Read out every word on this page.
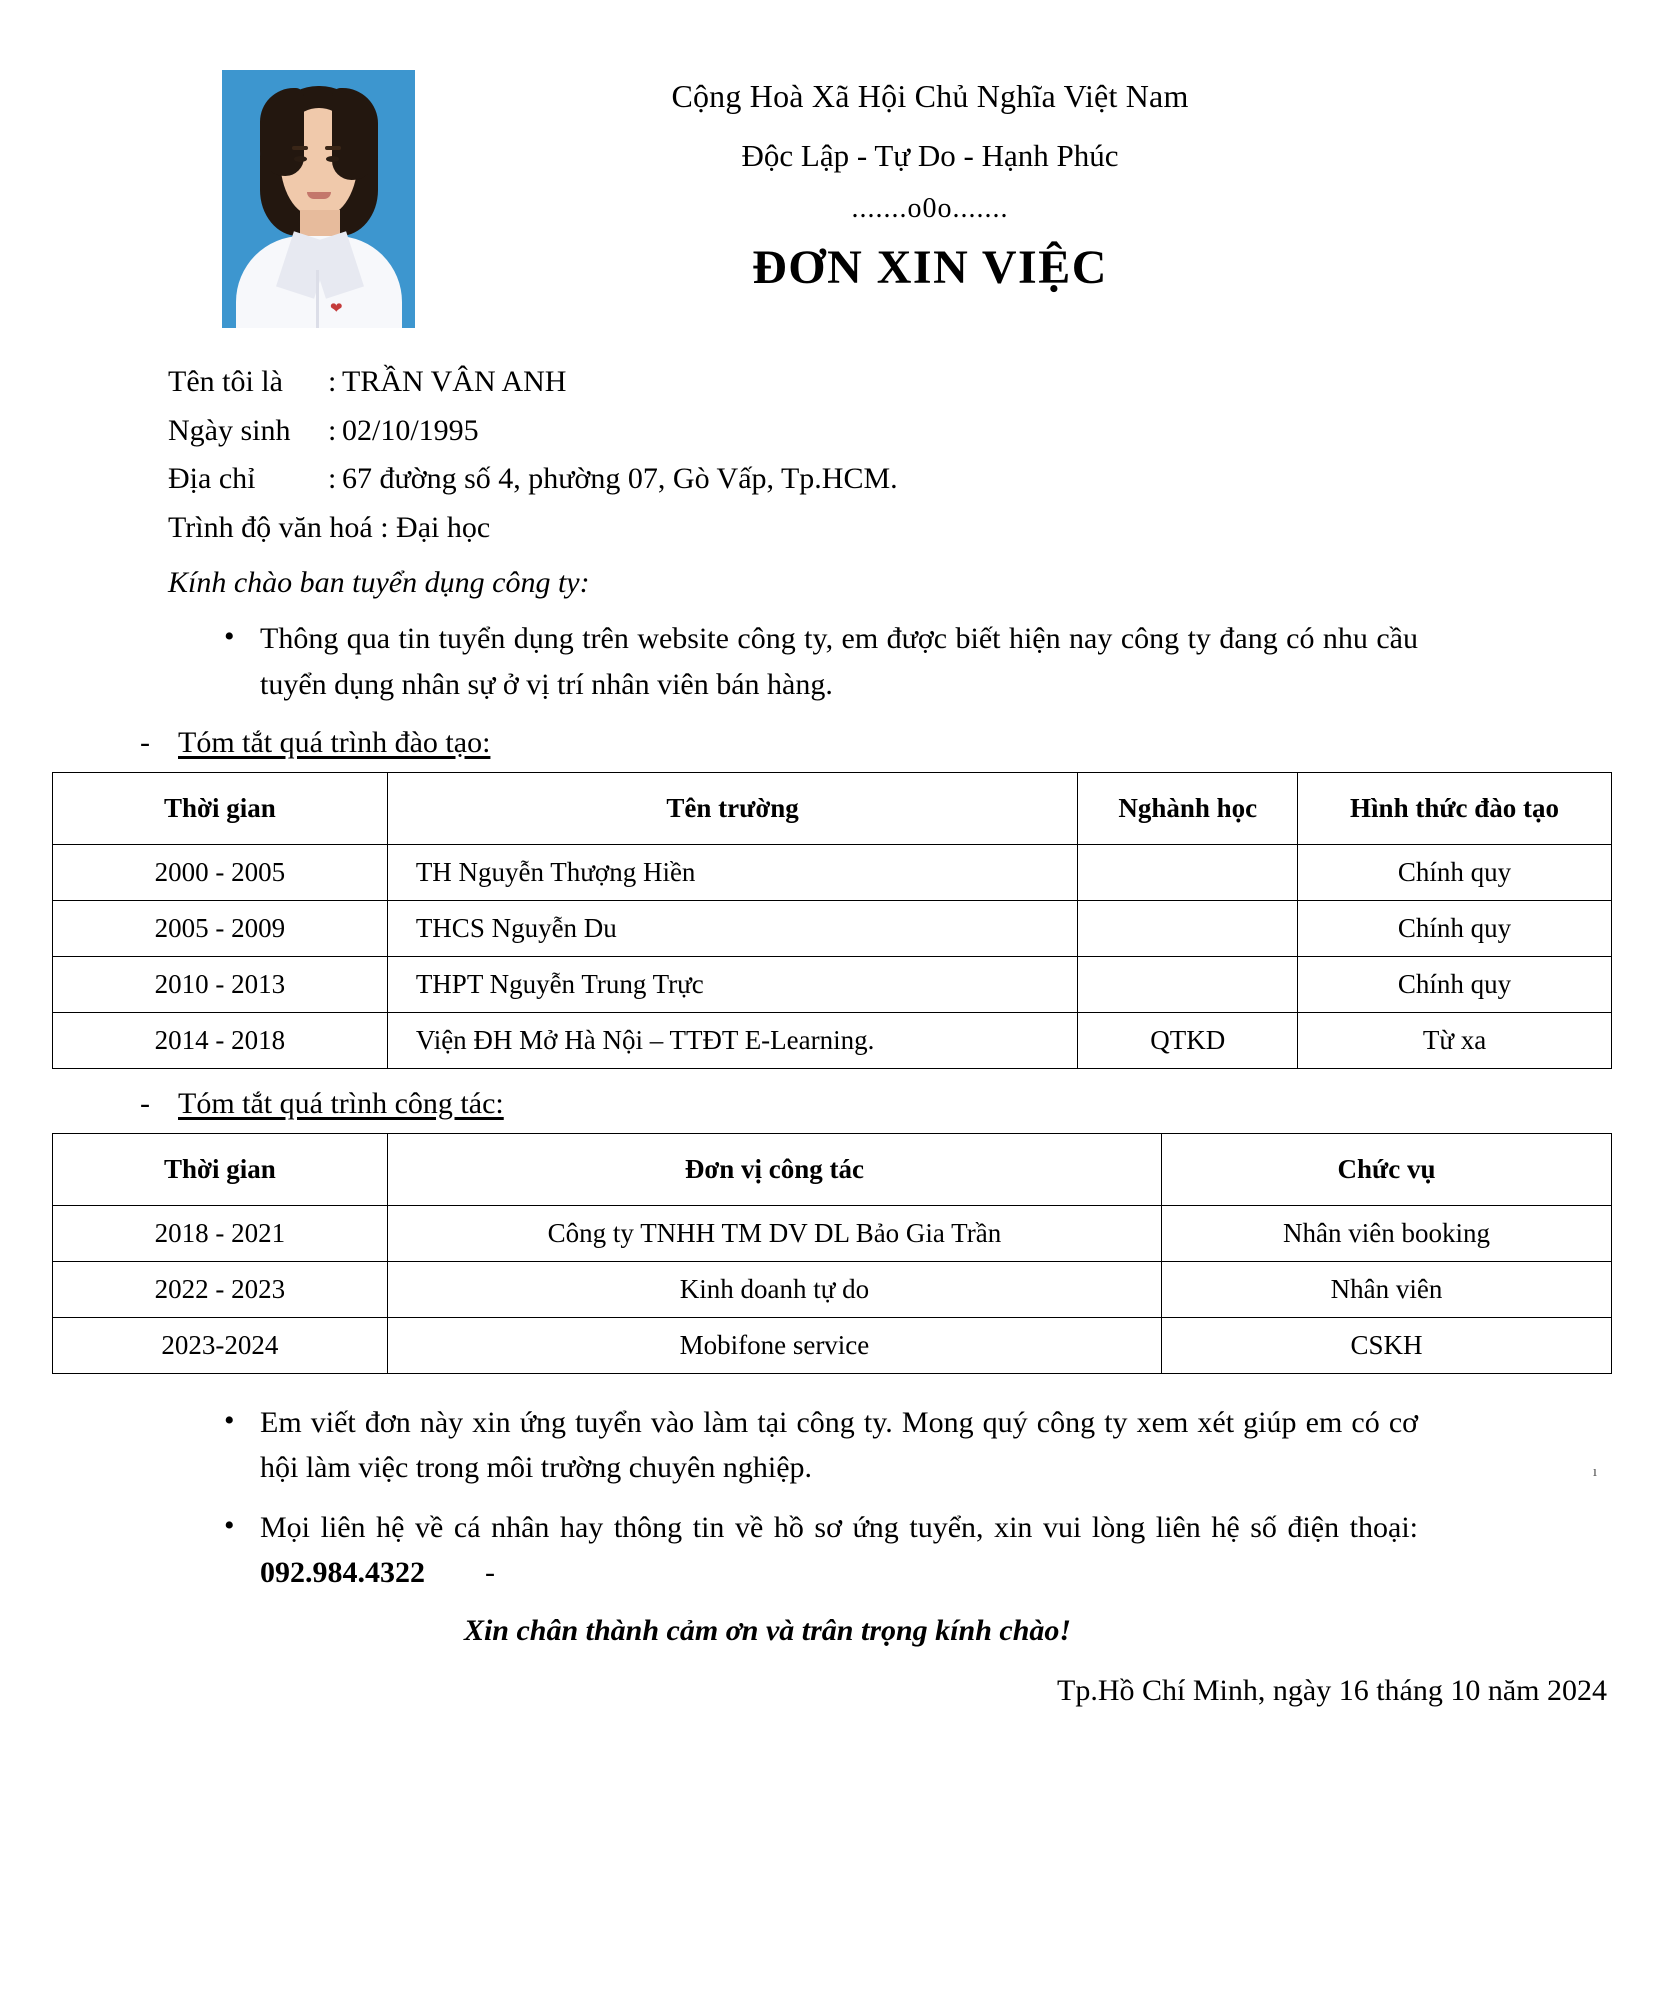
❤
Cộng Hoà Xã Hội Chủ Nghĩa Việt Nam
Độc Lập - Tự Do - Hạnh Phúc
.......o0o.......
ĐƠN XIN VIỆC
Tên tôi là	: TRẦN VÂN ANH
Ngày sinh	: 02/10/1995
Địa chỉ	: 67 đường số 4, phường 07, Gò Vấp, Tp.HCM.
Trình độ văn hoá : Đại học
Kính chào ban tuyển dụng công ty:
• Thông qua tin tuyển dụng trên website công ty, em được biết hiện nay công ty đang có nhu cầu tuyển dụng nhân sự ở vị trí nhân viên bán hàng.
- Tóm tắt quá trình đào tạo:
Thời gian	Tên trường	Nghành học	Hình thức đào tạo
2000 - 2005	TH Nguyễn Thượng Hiền		Chính quy
2005 - 2009	THCS Nguyễn Du		Chính quy
2010 - 2013	THPT Nguyễn Trung Trực		Chính quy
2014 - 2018	Viện ĐH Mở Hà Nội – TTĐT E-Learning.	QTKD	Từ xa
- Tóm tắt quá trình công tác:
Thời gian	Đơn vị công tác	Chức vụ
2018 - 2021	Công ty TNHH TM DV DL Bảo Gia Trần	Nhân viên booking
2022 - 2023	Kinh doanh tự do	Nhân viên
2023-2024	Mobifone service	CSKH
• Em viết đơn này xin ứng tuyển vào làm tại công ty. Mong quý công ty xem xét giúp em có cơ hội làm việc trong môi trường chuyên nghiệp.
• Mọi liên hệ về cá nhân hay thông tin về hồ sơ ứng tuyển, xin vui lòng liên hệ số điện thoại: 092.984.4322 -
ı
Xin chân thành cảm ơn và trân trọng kính chào!
Tp.Hồ Chí Minh, ngày 16 tháng 10 năm 2024
